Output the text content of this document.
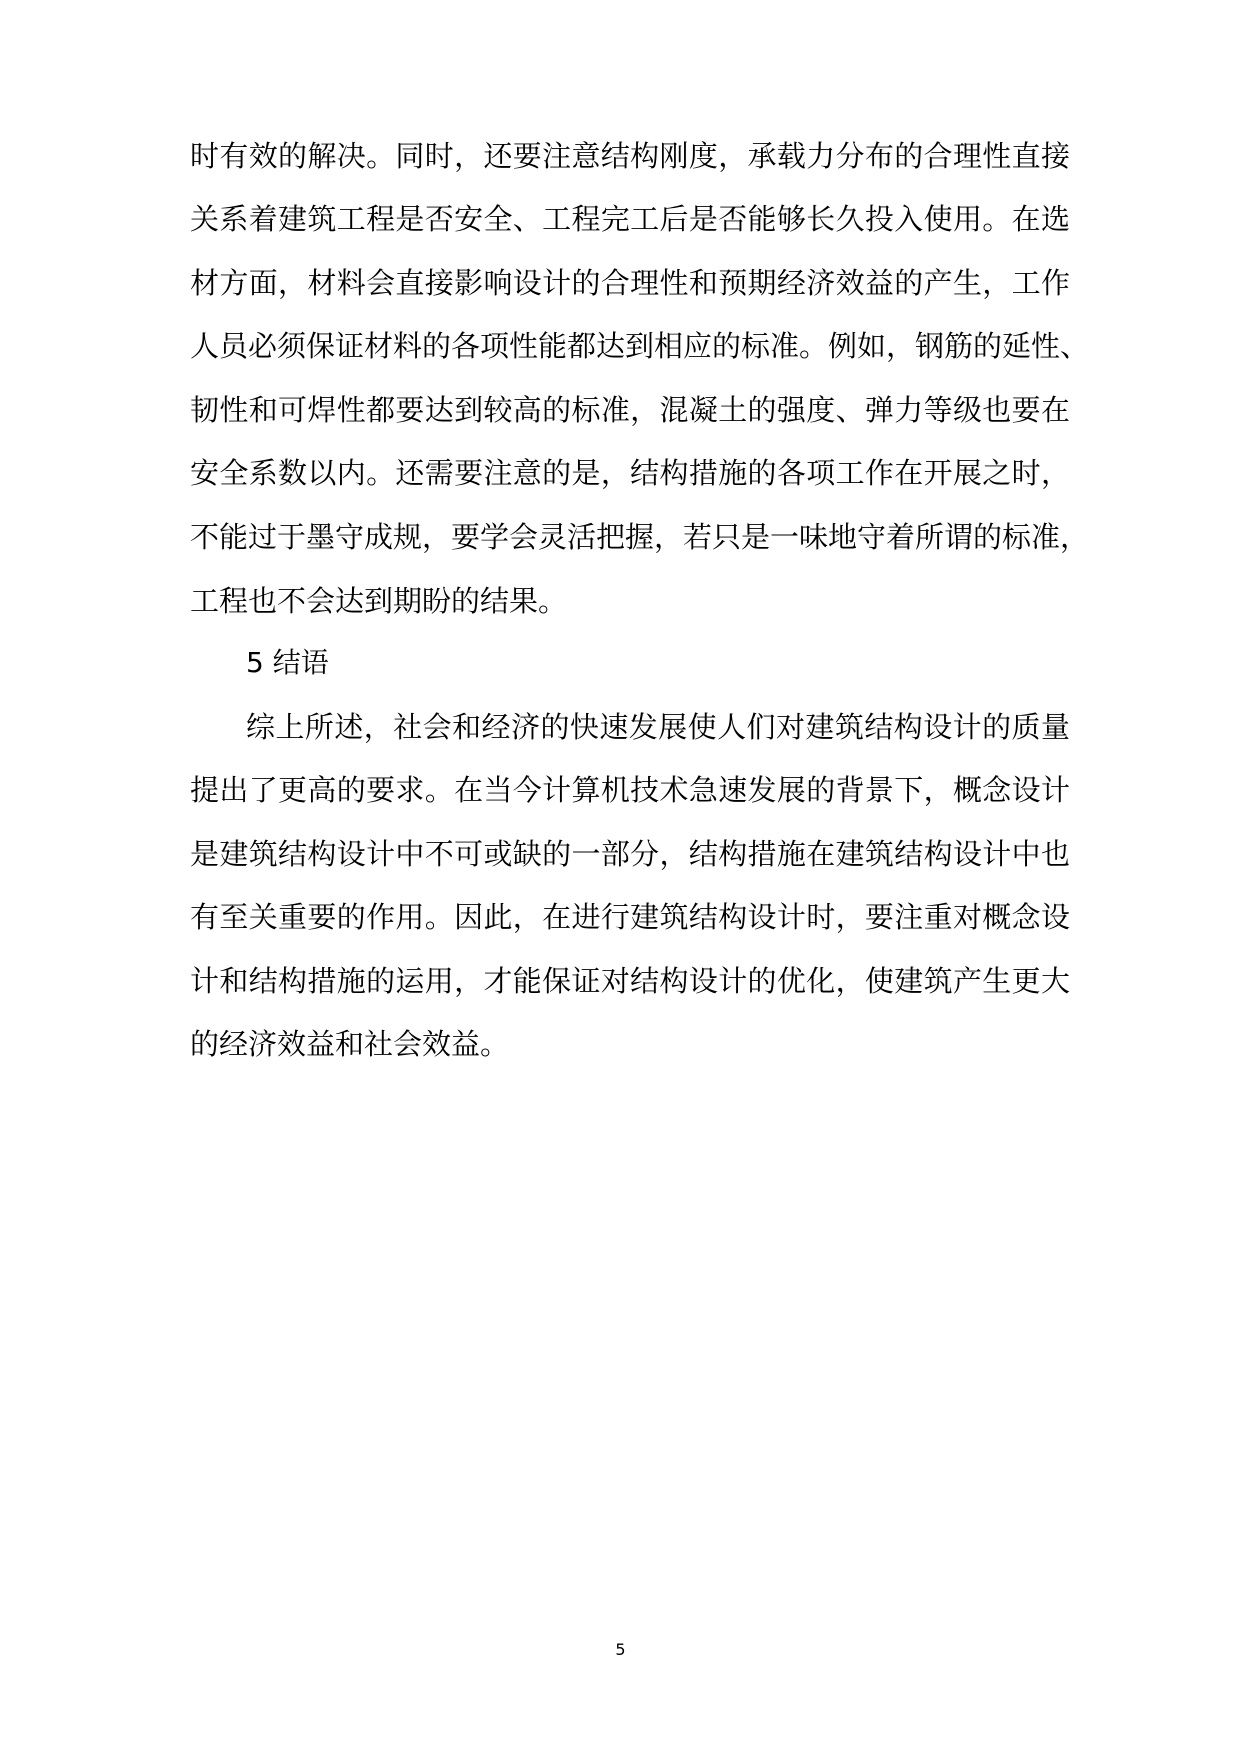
时有效的解决。同时，还要注意结构刚度，承载力分布的合理性直接
关系着建筑工程是否安全、工程完工后是否能够长久投入使用。在选
材方面，材料会直接影响设计的合理性和预期经济效益的产生，工作
人员必须保证材料的各项性能都达到相应的标准。例如，钢筋的延性、
韧性和可焊性都要达到较高的标准，混凝土的强度、弹力等级也要在
安全系数以内。还需要注意的是，结构措施的各项工作在开展之时，
不能过于墨守成规，要学会灵活把握，若只是一味地守着所谓的标准，
工程也不会达到期盼的结果。
5 结语
综上所述，社会和经济的快速发展使人们对建筑结构设计的质量
提出了更高的要求。在当今计算机技术急速发展的背景下，概念设计
是建筑结构设计中不可或缺的一部分，结构措施在建筑结构设计中也
有至关重要的作用。因此，在进行建筑结构设计时，要注重对概念设
计和结构措施的运用，才能保证对结构设计的优化，使建筑产生更大
的经济效益和社会效益。
5
